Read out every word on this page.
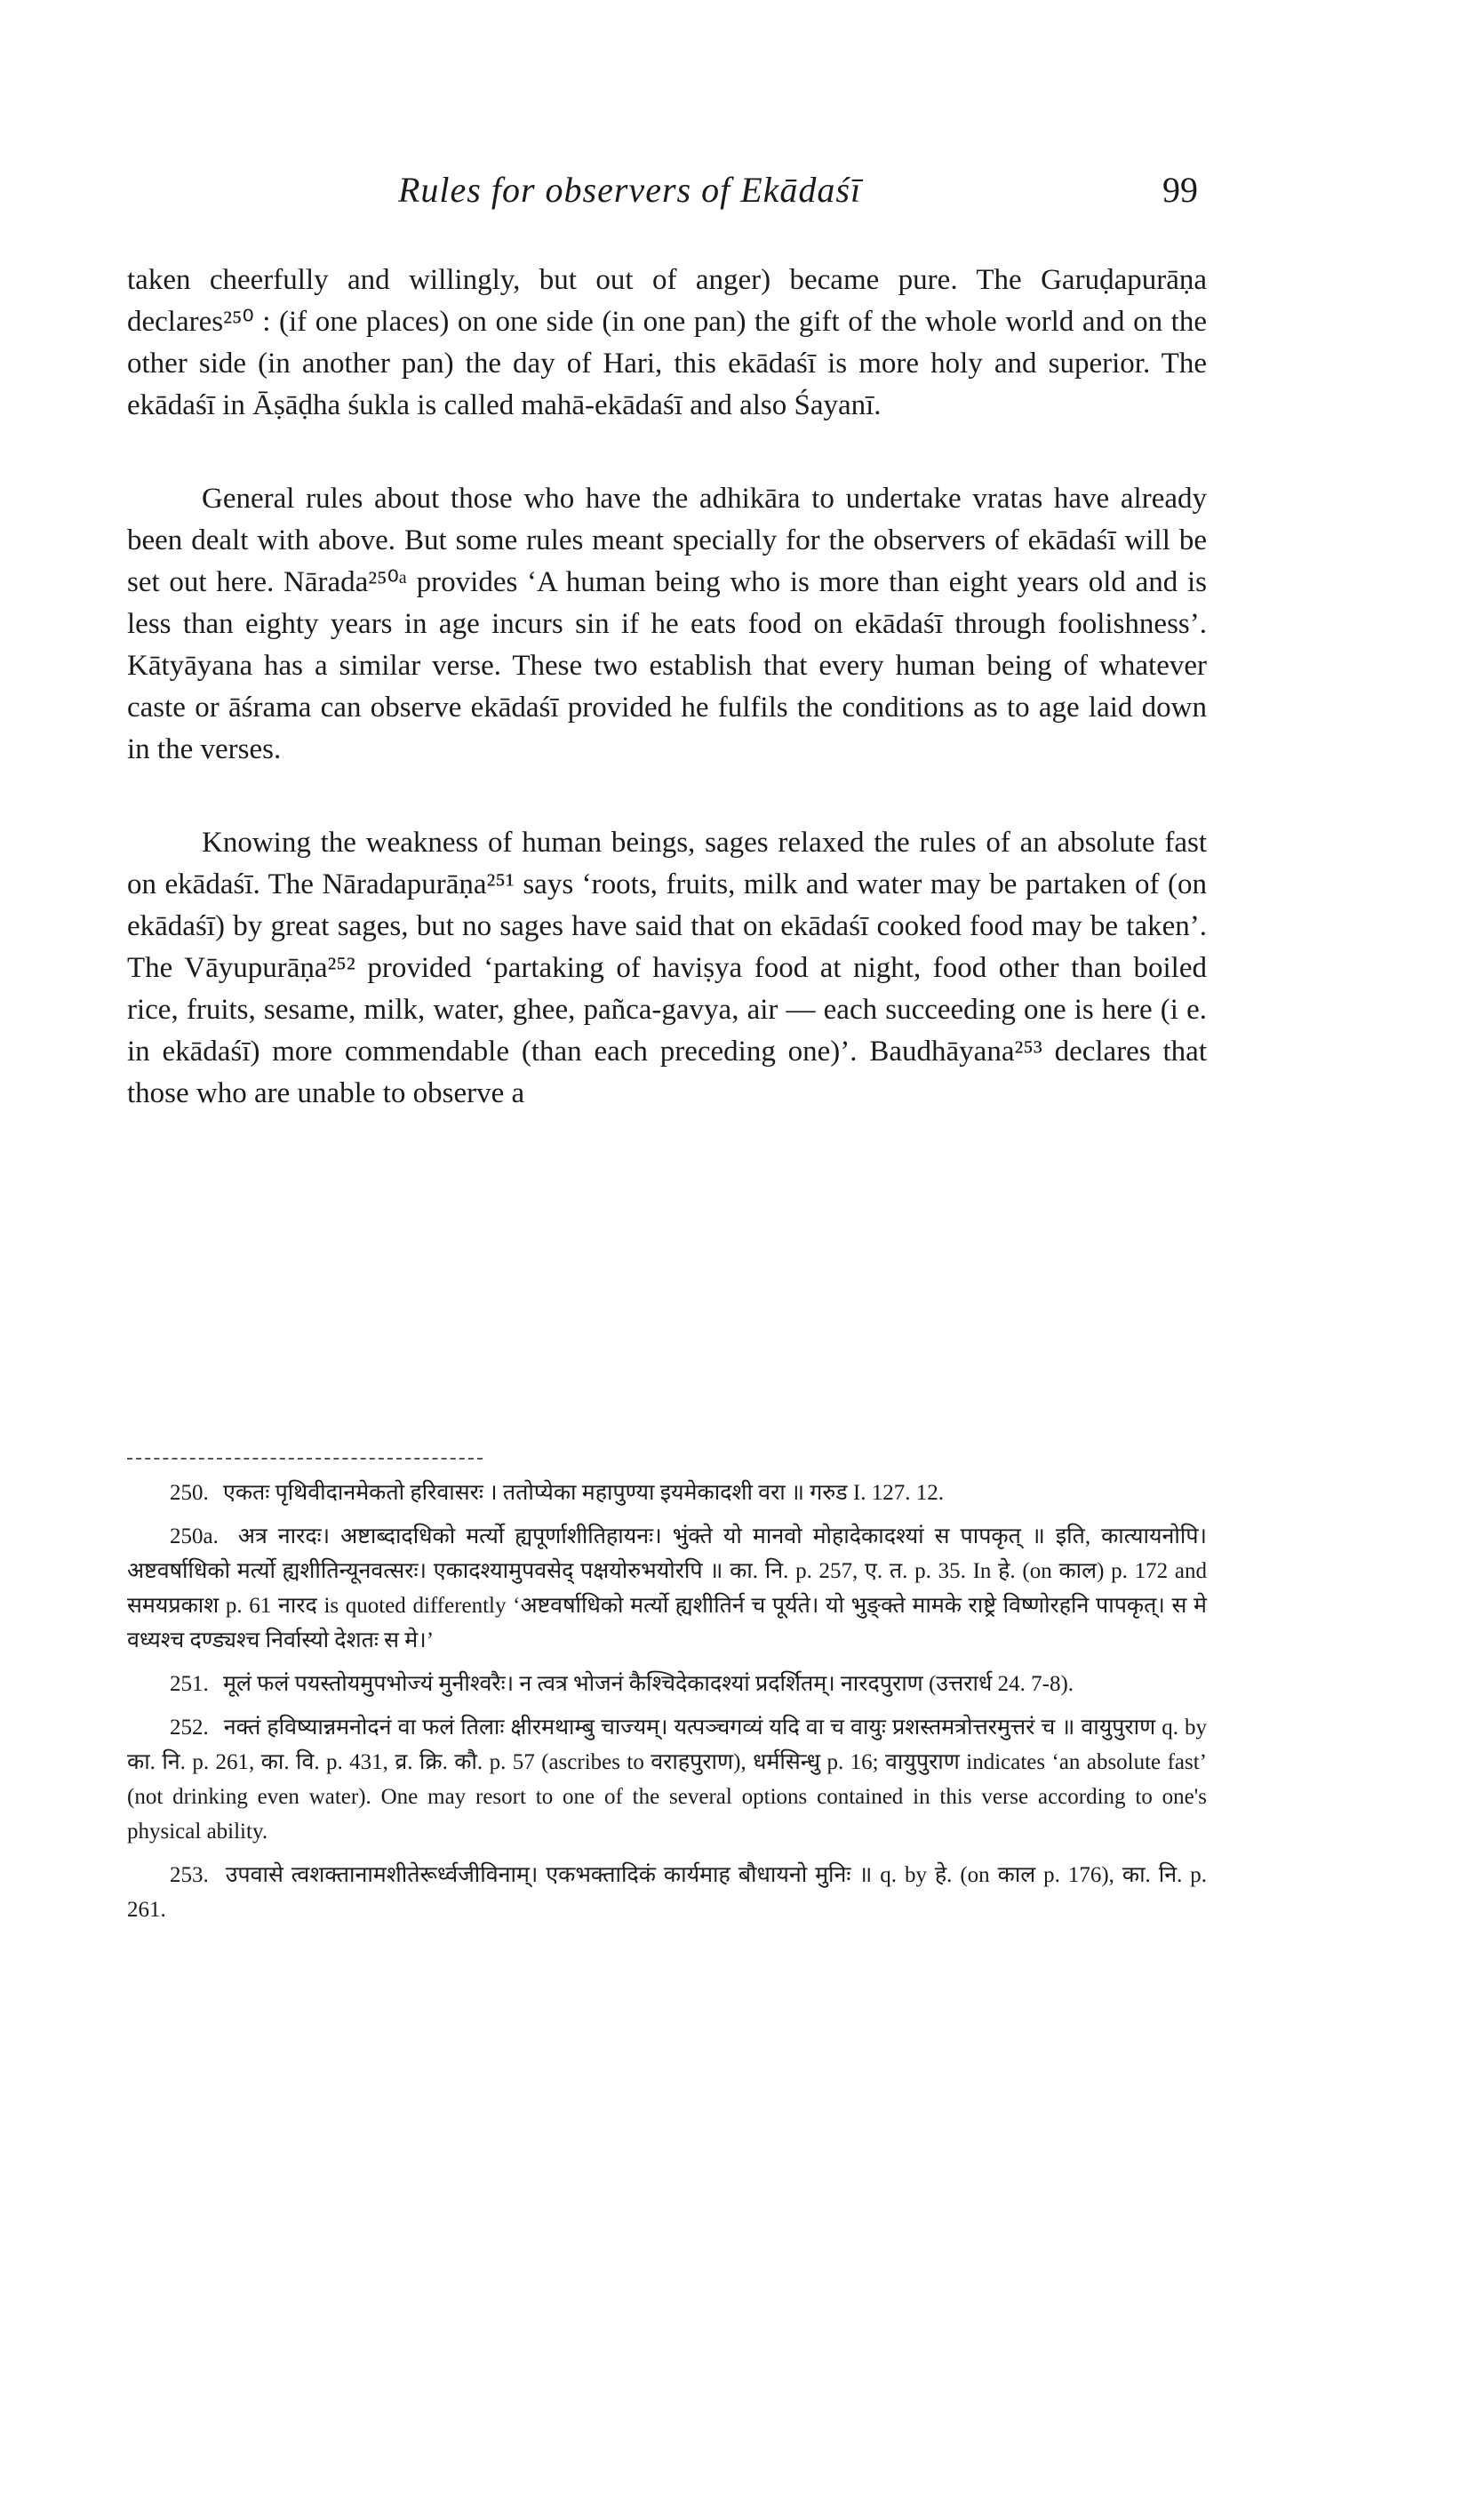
Rules for observers of Ekādaśī	99

taken cheerfully and willingly, but out of anger) became pure. The Garuḍapurāṇa declares²⁵⁰ : (if one places) on one side (in one pan) the gift of the whole world and on the other side (in another pan) the day of Hari, this ekādaśī is more holy and superior. The ekādaśī in Āṣāḍha śukla is called mahā-ekādaśī and also Śayanī.

General rules about those who have the adhikāra to undertake vratas have already been dealt with above. But some rules meant specially for the observers of ekādaśī will be set out here. Nārada²⁵⁰ᵃ provides ‘A human being who is more than eight years old and is less than eighty years in age incurs sin if he eats food on ekādaśī through foolishness’. Kātyāyana has a similar verse. These two establish that every human being of whatever caste or āśrama can observe ekādaśī provided he fulfils the conditions as to age laid down in the verses.

Knowing the weakness of human beings, sages relaxed the rules of an absolute fast on ekādaśī. The Nāradapurāṇa²⁵¹ says ‘roots, fruits, milk and water may be partaken of (on ekādaśī) by great sages, but no sages have said that on ekādaśī cooked food may be taken’. The Vāyupurāṇa²⁵² provided ‘partaking of haviṣya food at night, food other than boiled rice, fruits, sesame, milk, water, ghee, pañca-gavya, air — each succeeding one is here (i e. in ekādaśī) more commendable (than each preceding one)’. Baudhāyana²⁵³ declares that those who are unable to observe a

250. एकतः पृथिवीदानमेकतो हरिवासरः । ततोप्येका महापुण्या इयमेकादशी वरा ॥ गरुड I. 127. 12.

250a. अत्र नारदः। अष्टाब्दादधिको मर्त्यो ह्यपूर्णाशीतिहायनः। भुंक्ते यो मानवो मोहादेकादश्यां स पापकृत् ॥ इति, कात्यायनोपि। अष्टवर्षाधिको मर्त्यो ह्यशीतिन्यूनवत्सरः। एकादश्यामुपवसेद् पक्षयोरुभयोरपि ॥ का. नि. p. 257, ए. त. p. 35. In हे. (on काल) p. 172 and समयप्रकाश p. 61 नारद is quoted differently ‘अष्टवर्षाधिको मर्त्यो ह्यशीतिर्न च पूर्यते। यो भुङ्क्ते मामके राष्ट्रे विष्णोरहनि पापकृत्। स मे वध्यश्च दण्ड्यश्च निर्वास्यो देशतः स मे।’

251. मूलं फलं पयस्तोयमुपभोज्यं मुनीश्वरैः। न त्वत्र भोजनं कैश्चिदेकादश्यां प्रदर्शितम्। नारदपुराण (उत्तरार्ध 24. 7-8).

252. नक्तं हविष्यान्नमनोदनं वा फलं तिलाः क्षीरमथाम्बु चाज्यम्। यत्पञ्चगव्यं यदि वा च वायुः प्रशस्तमत्रोत्तरमुत्तरं च ॥ वायुपुराण q. by का. नि. p. 261, का. वि. p. 431, व्र. क्रि. कौ. p. 57 (ascribes to वराहपुराण), धर्मसिन्धु p. 16; वायुपुराण indicates ‘an absolute fast’ (not drinking even water). One may resort to one of the several options contained in this verse according to one's physical ability.

253. उपवासे त्वशक्तानामशीतेरूर्ध्वजीविनाम्। एकभक्तादिकं कार्यमाह बौधायनो मुनिः ॥ q. by हे. (on काल p. 176), का. नि. p. 261.
